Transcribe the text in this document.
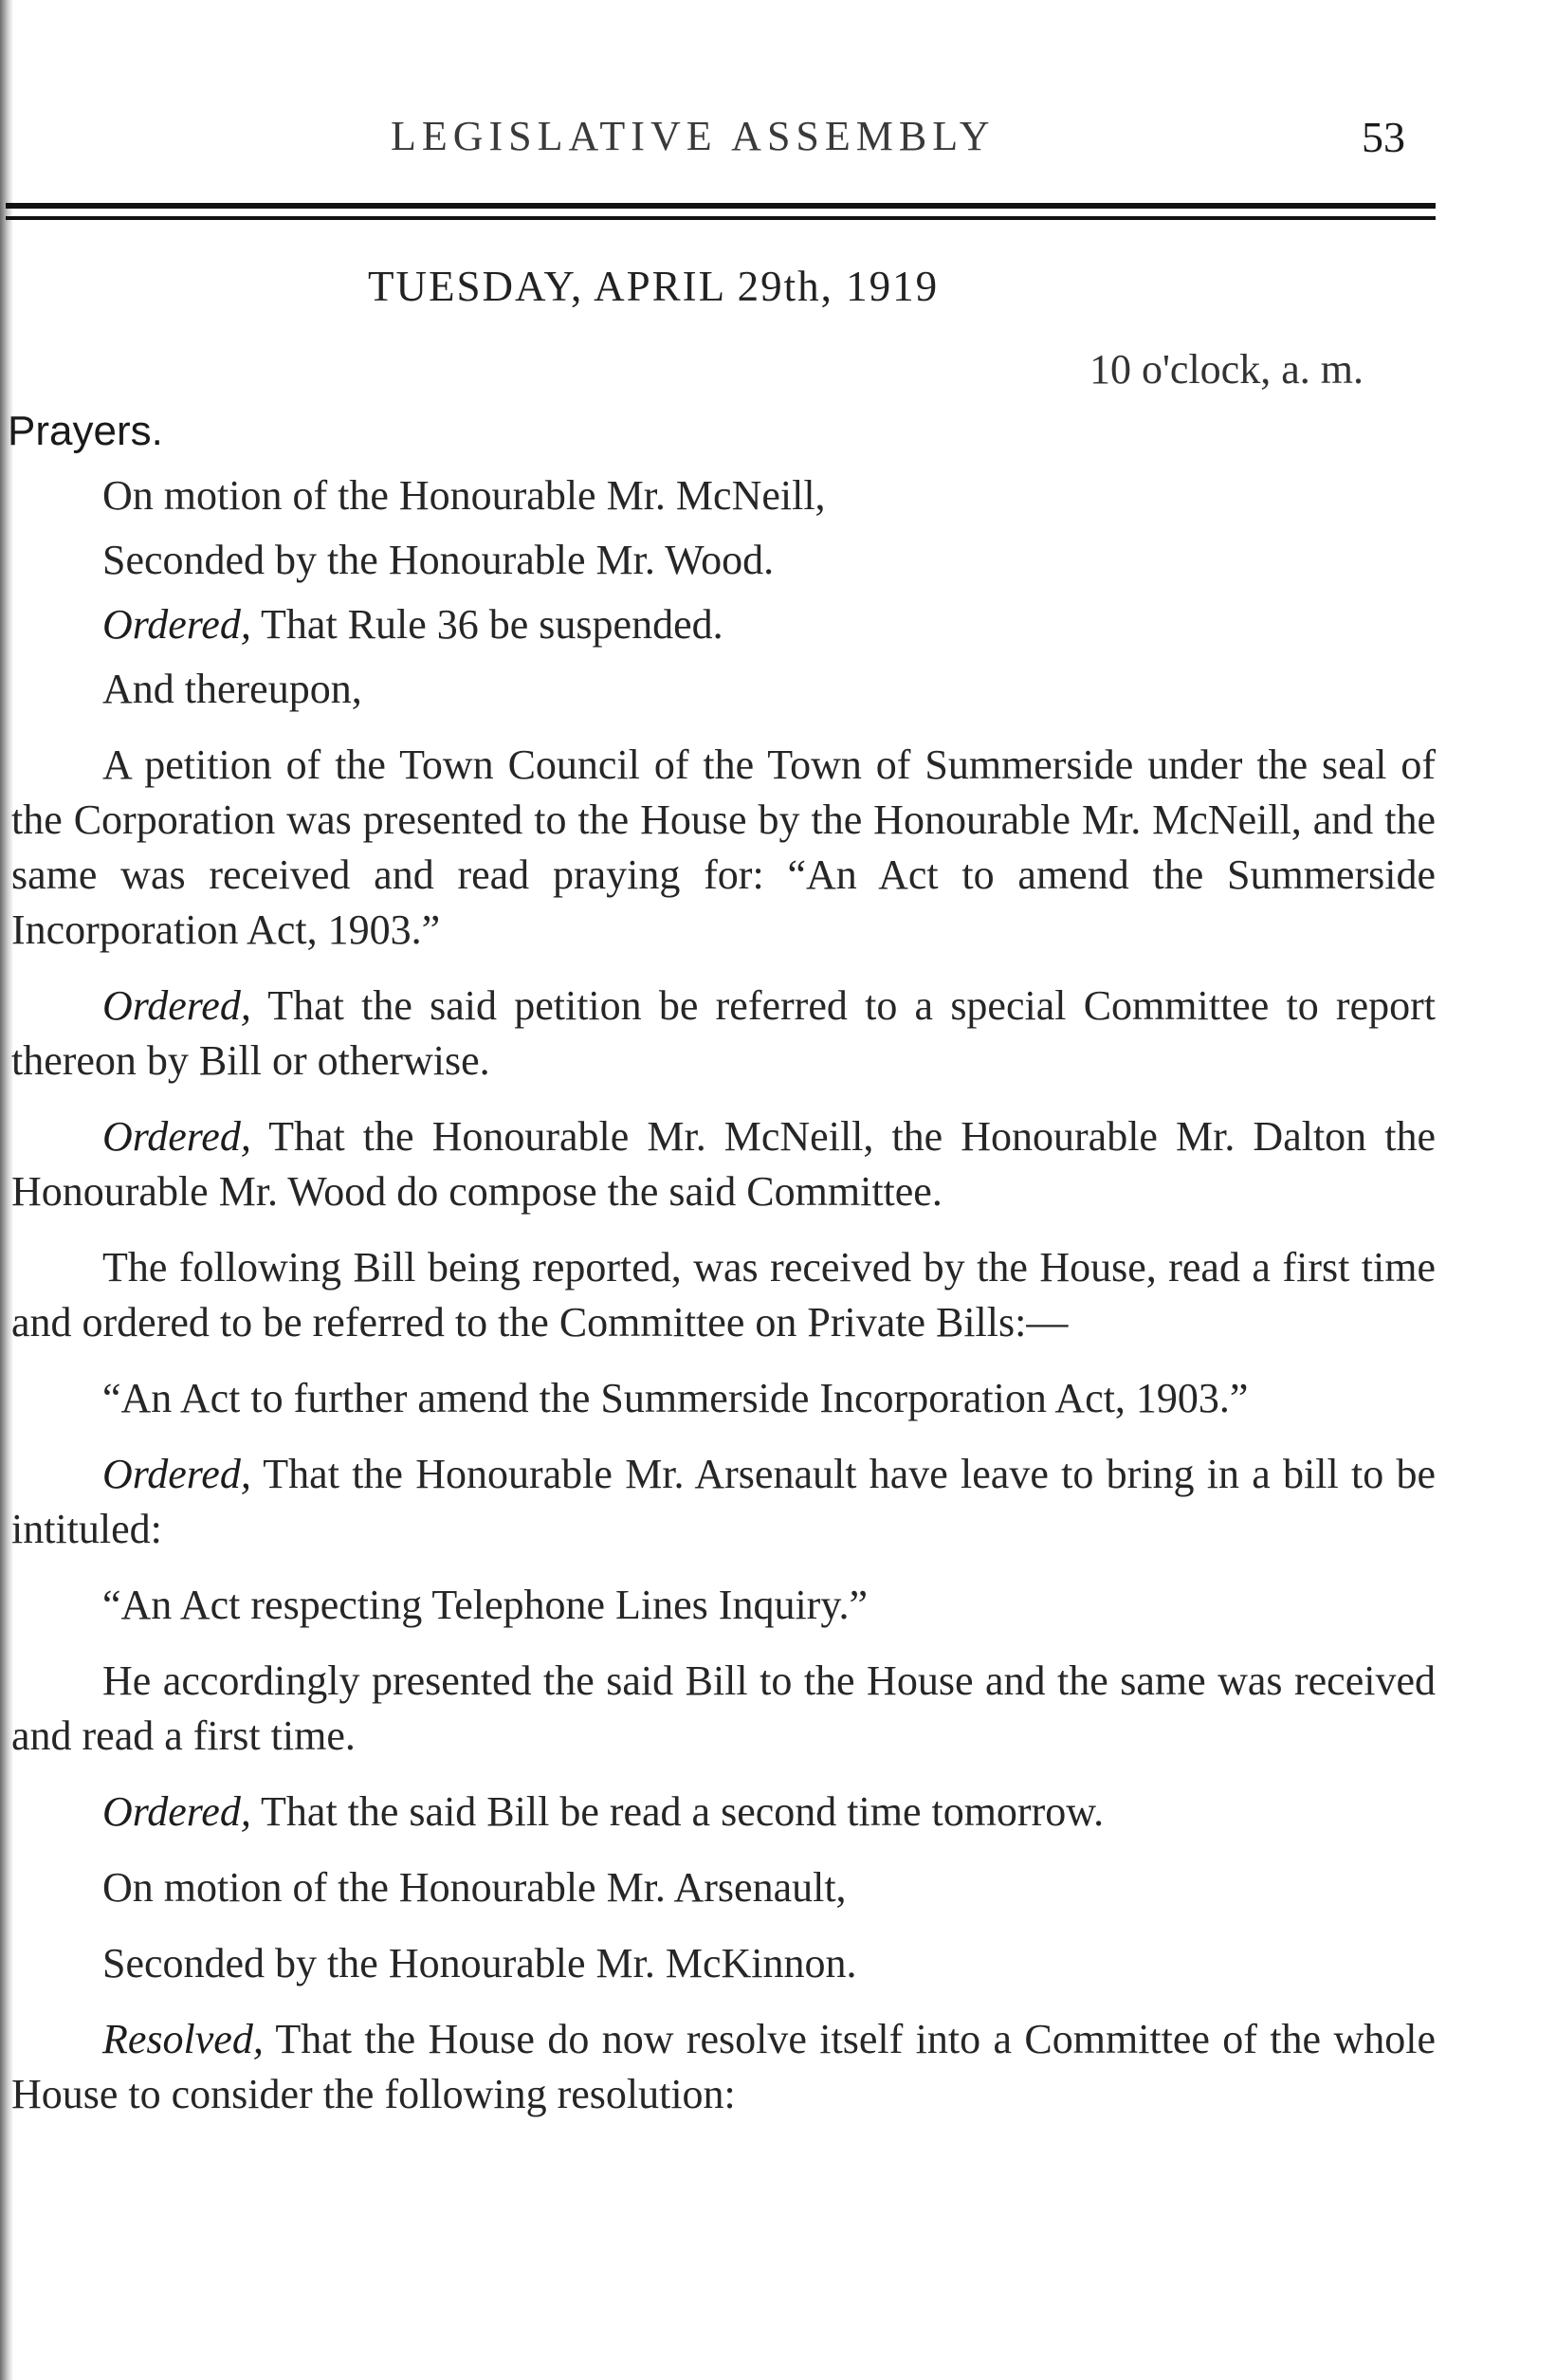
LEGISLATIVE ASSEMBLY	53
TUESDAY, APRIL 29th, 1919
10 o'clock, a. m.
Prayers.

On motion of the Honourable Mr. McNeill,

Seconded by the Honourable Mr. Wood.

Ordered, That Rule 36 be suspended.

And thereupon,

A petition of the Town Council of the Town of Summerside under the seal of the Corporation was presented to the House by the Honourable Mr. McNeill, and the same was received and read praying for: “An Act to amend the Summerside Incorporation Act, 1903.”

Ordered, That the said petition be referred to a special Committee to report thereon by Bill or otherwise.

Ordered, That the Honourable Mr. McNeill, the Honourable Mr. Dalton the Honourable Mr. Wood do compose the said Committee.

The following Bill being reported, was received by the House, read a first time and ordered to be referred to the Committee on Private Bills:—

“An Act to further amend the Summerside Incorporation Act, 1903.”

Ordered, That the Honourable Mr. Arsenault have leave to bring in a bill to be intituled:

“An Act respecting Telephone Lines Inquiry.”

He accordingly presented the said Bill to the House and the same was received and read a first time.

Ordered, That the said Bill be read a second time tomorrow.

On motion of the Honourable Mr. Arsenault,

Seconded by the Honourable Mr. McKinnon.

Resolved, That the House do now resolve itself into a Committee of the whole House to consider the following resolution:
